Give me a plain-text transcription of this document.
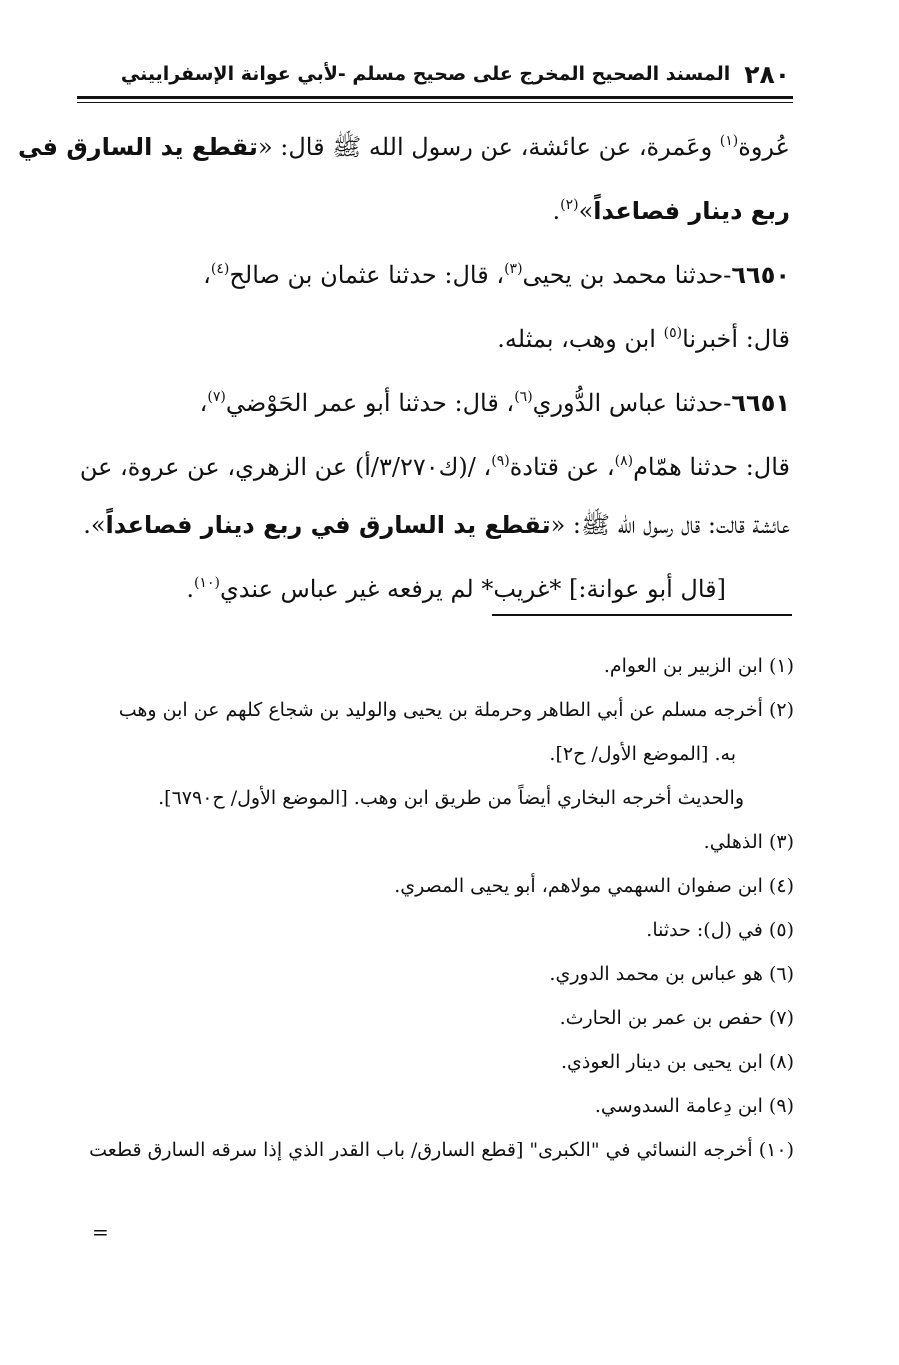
٢٨٠
المسند الصحيح المخرج على صحيح مسلم -لأبي عوانة الإسفراييني
عُروة$^{(١)}$ وعَمرة، عن عائشة، عن رسول الله ﷺ قال: «تقطع يد السارق في
ربع دينار فصاعداً»$^{(٢)}$.
٦٦٥٠-حدثنا محمد بن يحيى$^{(٣)}$، قال: حدثنا عثمان بن صالح$^{(٤)}$،
قال: أخبرنا$^{(٥)}$ ابن وهب، بمثله.
٦٦٥١-حدثنا عباس الدُّوري$^{(٦)}$، قال: حدثنا أبو عمر الحَوْضي$^{(٧)}$،
قال: حدثنا همّام$^{(٨)}$، عن قتادة$^{(٩)}$، /(ك٣/٢٧٠/أ) عن الزهري، عن عروة، عن
عائشة قالت: قال رسول الله ﷺ: «تقطع يد السارق في ربع دينار فصاعداً».
[قال أبو عوانة:] *غريب* لم يرفعه غير عباس عندي$^{(١٠)}$.
(١) ابن الزبير بن العوام.
(٢) أخرجه مسلم عن أبي الطاهر وحرملة بن يحيى والوليد بن شجاع كلهم عن ابن وهب
به. [الموضع الأول/ ح٢].
والحديث أخرجه البخاري أيضاً من طريق ابن وهب. [الموضع الأول/ ح٦٧٩٠].
(٣) الذهلي.
(٤) ابن صفوان السهمي مولاهم، أبو يحيى المصري.
(٥) في (ل): حدثنا.
(٦) هو عباس بن محمد الدوري.
(٧) حفص بن عمر بن الحارث.
(٨) ابن يحيى بن دينار العوذي.
(٩) ابن دِعامة السدوسي.
(١٠) أخرجه النسائي في "الكبرى" [قطع السارق/ باب القدر الذي إذا سرقه السارق قطعت
=
